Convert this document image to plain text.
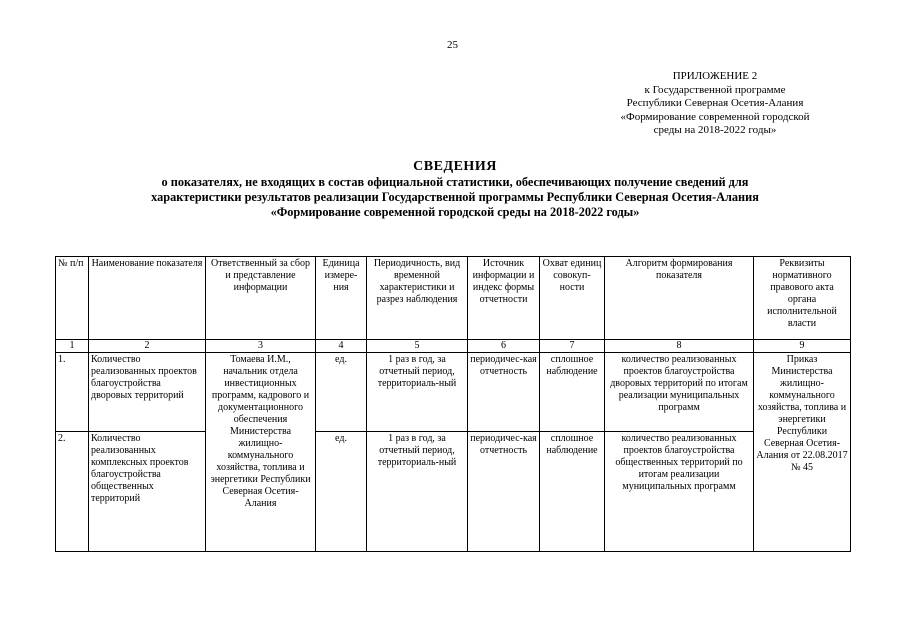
25
ПРИЛОЖЕНИЕ 2
к Государственной программе
Республики Северная Осетия-Алания
«Формирование современной городской
среды на 2018-2022 годы»
СВЕДЕНИЯ
о показателях, не входящих в состав официальной статистики, обеспечивающих получение сведений для
характеристики результатов реализации Государственной программы Республики Северная Осетия-Алания
«Формирование современной городской среды на 2018-2022 годы»
№ п/п	Наименование показателя	Ответственный за сбор и представление информации	Единица измере-ния	Периодичность, вид временной характеристики и разрез наблюдения	Источник информации и индекс формы отчетности	Охват единиц совокуп-ности	Алгоритм формирования показателя	Реквизиты нормативного правового акта органа исполнительной власти
1	2	3	4	5	6	7	8	9
1.	Количество реализованных проектов благоустройства дворовых территорий	Томаева И.М., начальник отдела инвестиционных программ, кадрового и документационного обеспечения Министерства жилищно-коммунального хозяйства, топлива и энергетики Республики Северная Осетия-Алания	ед.	1 раз в год, за отчетный период, территориаль-ный	периодичес-кая отчетность	сплошное наблюдение	количество реализованных проектов благоустройства дворовых территорий по итогам реализации муниципальных программ	Приказ Министерства жилищно-коммунального хозяйства, топлива и энергетики Республики Северная Осетия-Алания от 22.08.2017 № 45
2.	Количество реализованных комплексных проектов благоустройства общественных территорий		ед.	1 раз в год, за отчетный период, территориаль-ный	периодичес-кая отчетность	сплошное наблюдение	количество реализованных проектов благоустройства общественных территорий по итогам реализации муниципальных программ	
